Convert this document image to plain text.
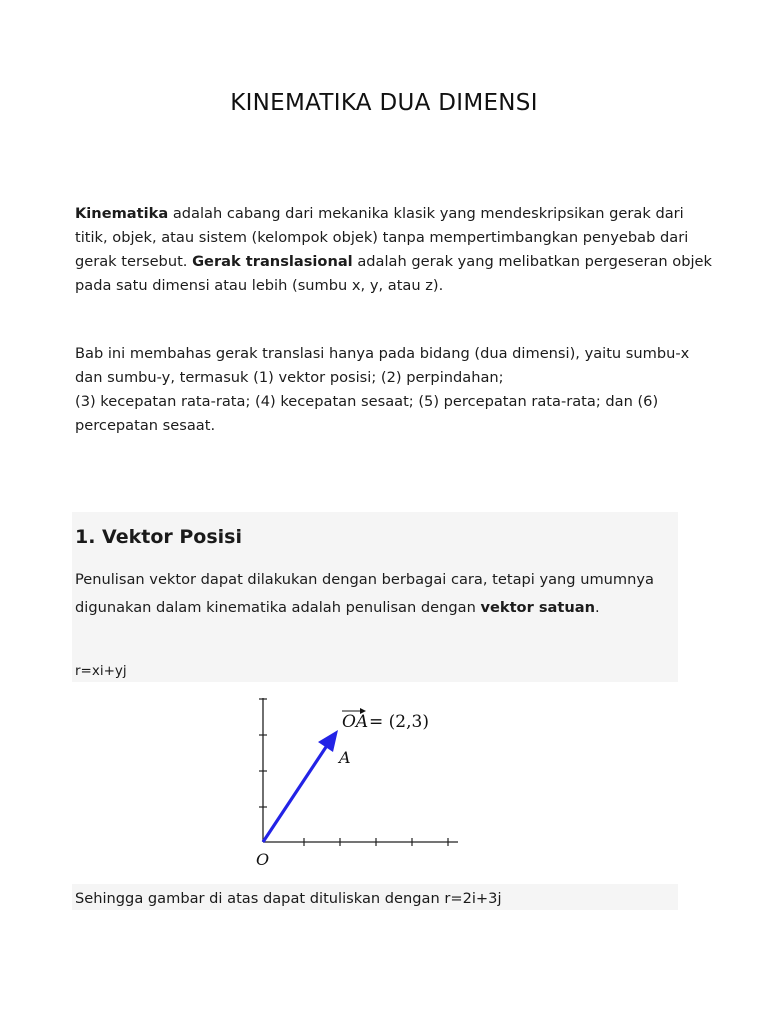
KINEMATIKA DUA DIMENSI
Kinematika adalah cabang dari mekanika klasik yang mendeskripsikan gerak dari titik, objek, atau sistem (kelompok objek) tanpa mempertimbangkan penyebab dari gerak tersebut. Gerak translasional adalah gerak yang melibatkan pergeseran objek pada satu dimensi atau lebih (sumbu x, y, atau z).
Bab ini membahas gerak translasi hanya pada bidang (dua dimensi), yaitu sumbu-x dan sumbu-y, termasuk (1) vektor posisi; (2) perpindahan;
(3) kecepatan rata-rata; (4) kecepatan sesaat; (5) percepatan rata-rata; dan (6) percepatan sesaat.
1. Vektor Posisi
Penulisan vektor dapat dilakukan dengan berbagai cara, tetapi yang umumnya digunakan dalam kinematika adalah penulisan dengan vektor satuan.
r=xi+yj
OA = (2,3)
A
O
Sehingga gambar di atas dapat dituliskan dengan r=2i+3j
